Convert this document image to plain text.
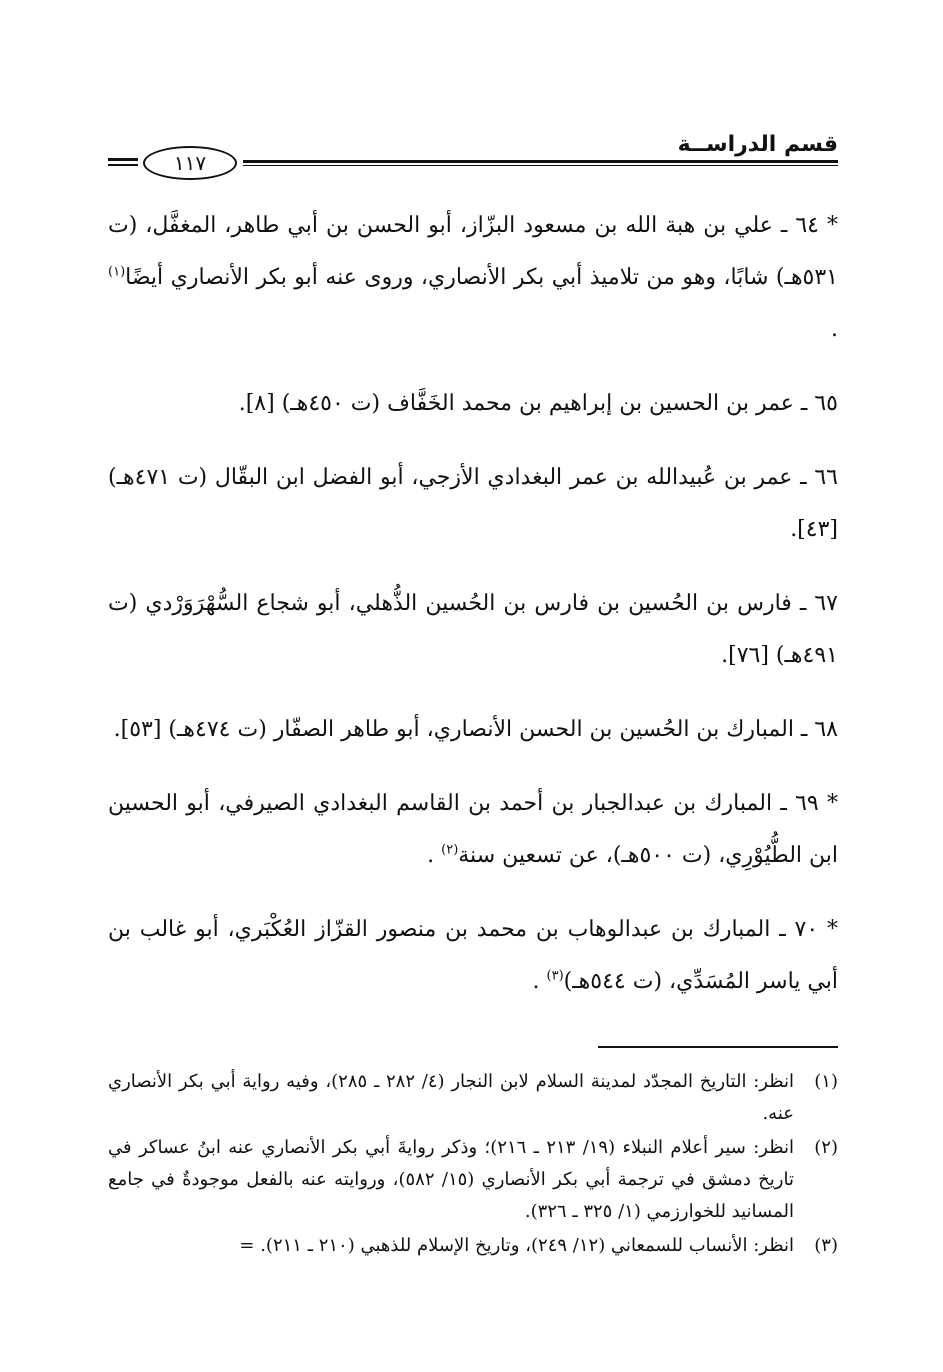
قسم الدراســة
١١٧

* ٦٤ ـ علي بن هبة الله بن مسعود البزّاز، أبو الحسن بن أبي طاهر، المغفَّل، (ت ٥٣١هـ) شابًا، وهو من تلاميذ أبي بكر الأنصاري، وروى عنه أبو بكر الأنصاري أيضًا$^{(١)}$ .

٦٥ ـ عمر بن الحسين بن إبراهيم بن محمد الخَفَّاف (ت ٤٥٠هـ) [٨].

٦٦ ـ عمر بن عُبيدالله بن عمر البغدادي الأزجي، أبو الفضل ابن البقّال (ت ٤٧١هـ) [٤٣].

٦٧ ـ فارس بن الحُسين بن فارس بن الحُسين الذُّهلي، أبو شجاع السُّهْرَوَرْدي (ت ٤٩١هـ) [٧٦].

٦٨ ـ المبارك بن الحُسين بن الحسن الأنصاري، أبو طاهر الصفّار (ت ٤٧٤هـ) [٥٣].

* ٦٩ ـ المبارك بن عبدالجبار بن أحمد بن القاسم البغدادي الصيرفي، أبو الحسين ابن الطُّيُوْرِي، (ت ٥٠٠هـ)، عن تسعين سنة$^{(٢)}$ .

* ٧٠ ـ المبارك بن عبدالوهاب بن محمد بن منصور القزّاز العُكْبَري، أبو غالب بن أبي ياسر المُسَدِّي، (ت ٥٤٤هـ)$^{(٣)}$ .

(١)
انظر: التاريخ المجدّد لمدينة السلام لابن النجار (٤/ ٢٨٢ ـ ٢٨٥)، وفيه رواية أبي بكر الأنصاري عنه.
(٢)
انظر: سير أعلام النبلاء (١٩/ ٢١٣ ـ ٢١٦)؛ وذكر روايةَ أبي بكر الأنصاري عنه ابنُ عساكر في تاريخ دمشق في ترجمة أبي بكر الأنصاري (١٥/ ٥٨٢)، وروايته عنه بالفعل موجودةٌ في جامع المسانيد للخوارزمي (١/ ٣٢٥ ـ ٣٢٦).
(٣)
انظر: الأنساب للسمعاني (١٢/ ٢٤٩)، وتاريخ الإسلام للذهبي (٢١٠ ـ ٢١١). =
